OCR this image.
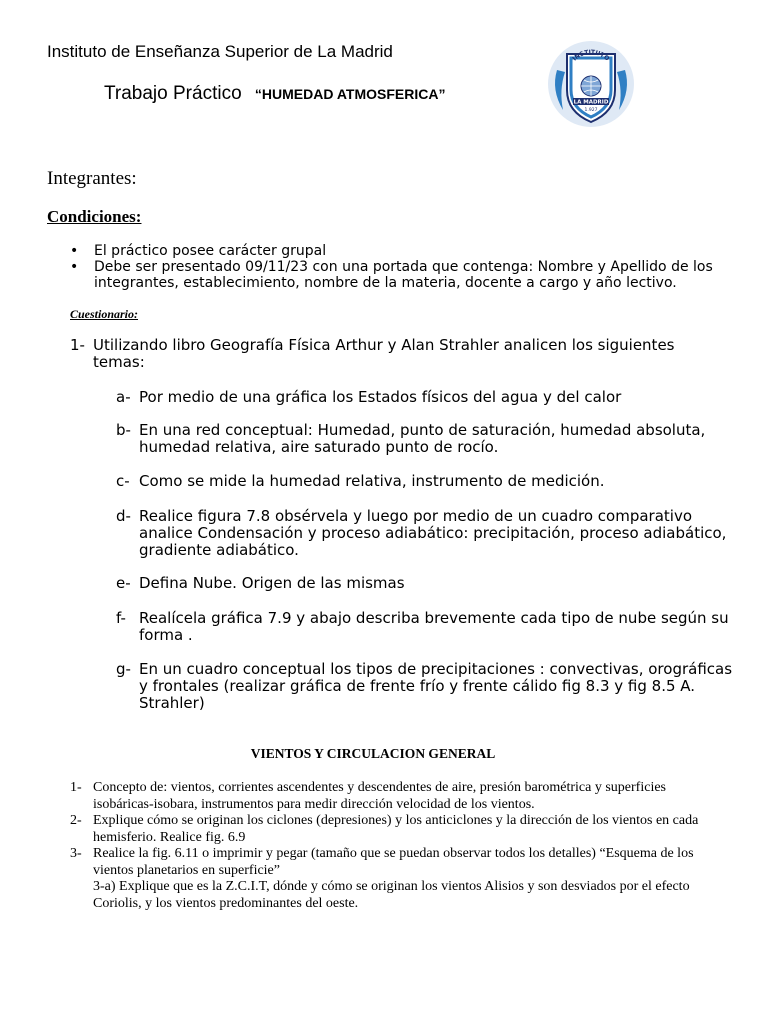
Instituto de Enseñanza Superior de La Madrid
Trabajo Práctico “HUMEDAD ATMOSFERICA”
INSTITUTO
LA MADRID
1.927
Integrantes:
Condiciones:
• El práctico posee carácter grupal
• Debe ser presentado 09/11/23 con una portada que contenga: Nombre y Apellido de los integrantes, establecimiento, nombre de la materia, docente a cargo y año lectivo.
Cuestionario:
1- Utilizando libro Geografía Física Arthur y Alan Strahler analicen los siguientes temas:
a- Por medio de una gráfica los Estados físicos del agua y del calor
b- En una red conceptual: Humedad, punto de saturación, humedad absoluta, humedad relativa, aire saturado punto de rocío.
c- Como se mide la humedad relativa, instrumento de medición.
d- Realice figura 7.8 obsérvela y luego por medio de un cuadro comparativo analice Condensación y proceso adiabático: precipitación, proceso adiabático, gradiente adiabático.
e- Defina Nube. Origen de las mismas
f- Realícela gráfica 7.9 y abajo describa brevemente cada tipo de nube según su forma .
g- En un cuadro conceptual los tipos de precipitaciones : convectivas, orográficas y frontales (realizar gráfica de frente frío y frente cálido fig 8.3 y fig 8.5 A. Strahler)
VIENTOS Y CIRCULACION GENERAL
1- Concepto de: vientos, corrientes ascendentes y descendentes de aire, presión barométrica y superficies isobáricas-isobara, instrumentos para medir dirección velocidad de los vientos.
2- Explique cómo se originan los ciclones (depresiones) y los anticiclones y la dirección de los vientos en cada hemisferio. Realice fig. 6.9
3- Realice la fig. 6.11 o imprimir y pegar (tamaño que se puedan observar todos los detalles) “Esquema de los vientos planetarios en superficie”
3-a) Explique que es la Z.C.I.T, dónde y cómo se originan los vientos Alisios y son desviados por el efecto Coriolis, y los vientos predominantes del oeste.
